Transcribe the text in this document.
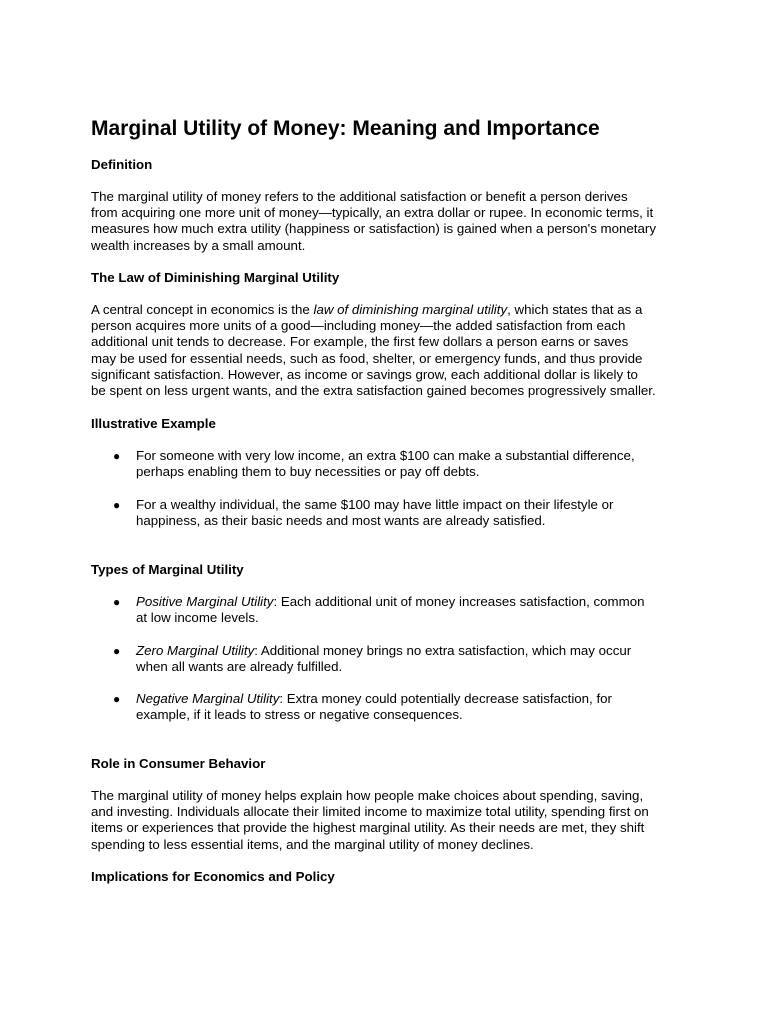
Marginal Utility of Money: Meaning and Importance
Definition

The marginal utility of money refers to the additional satisfaction or benefit a person derives
from acquiring one more unit of money—typically, an extra dollar or rupee. In economic terms, it
measures how much extra utility (happiness or satisfaction) is gained when a person's monetary
wealth increases by a small amount.

The Law of Diminishing Marginal Utility

A central concept in economics is the law of diminishing marginal utility, which states that as a
person acquires more units of a good—including money—the added satisfaction from each
additional unit tends to decrease. For example, the first few dollars a person earns or saves
may be used for essential needs, such as food, shelter, or emergency funds, and thus provide
significant satisfaction. However, as income or savings grow, each additional dollar is likely to
be spent on less urgent wants, and the extra satisfaction gained becomes progressively smaller.

Illustrative Example
● For someone with very low income, an extra $100 can make a substantial difference,
perhaps enabling them to buy necessities or pay off debts.
● For a wealthy individual, the same $100 may have little impact on their lifestyle or
happiness, as their basic needs and most wants are already satisfied.
Types of Marginal Utility
● Positive Marginal Utility: Each additional unit of money increases satisfaction, common
at low income levels.
● Zero Marginal Utility: Additional money brings no extra satisfaction, which may occur
when all wants are already fulfilled.
● Negative Marginal Utility: Extra money could potentially decrease satisfaction, for
example, if it leads to stress or negative consequences.
Role in Consumer Behavior

The marginal utility of money helps explain how people make choices about spending, saving,
and investing. Individuals allocate their limited income to maximize total utility, spending first on
items or experiences that provide the highest marginal utility. As their needs are met, they shift
spending to less essential items, and the marginal utility of money declines.

Implications for Economics and Policy
